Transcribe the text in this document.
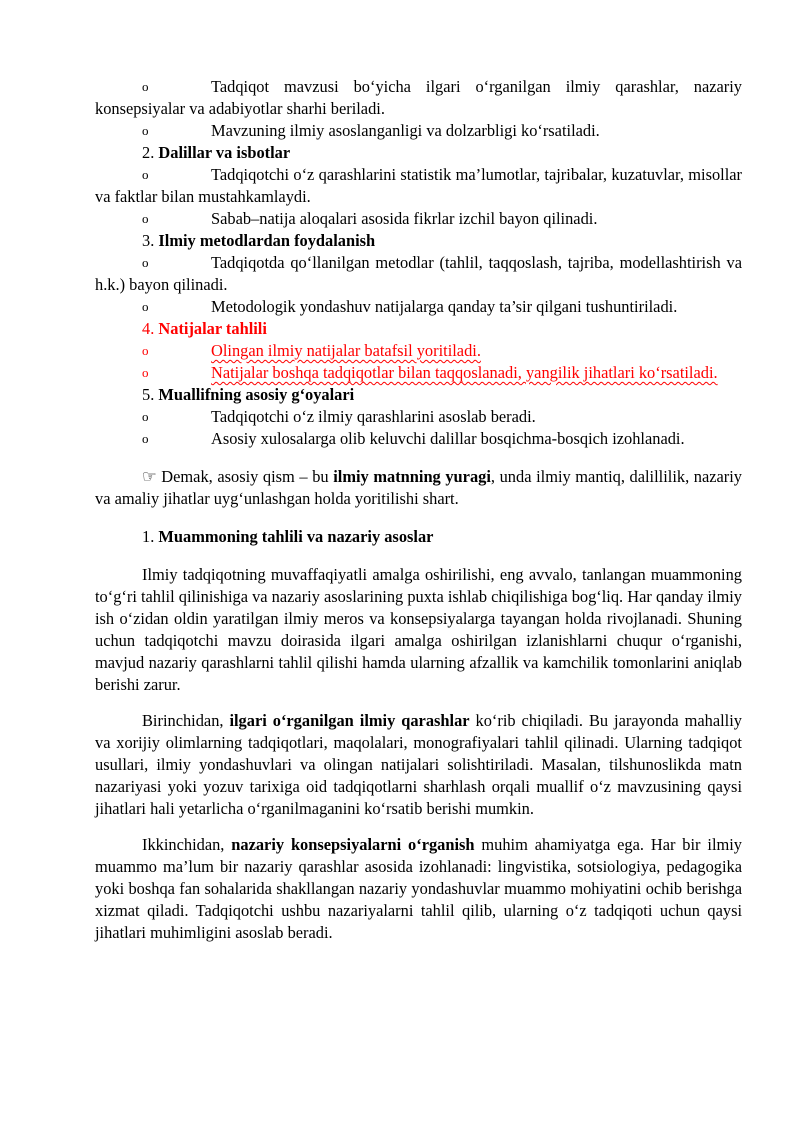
o	Tadqiqot mavzusi bo‘yicha ilgari o‘rganilgan ilmiy qarashlar, nazariy konsepsiyalar va adabiyotlar sharhi beriladi.

o	Mavzuning ilmiy asoslanganligi va dolzarbligi ko‘rsatiladi.

2. Dalillar va isbotlar

o	Tadqiqotchi o‘z qarashlarini statistik ma’lumotlar, tajribalar, kuzatuvlar, misollar va faktlar bilan mustahkamlaydi.

o	Sabab–natija aloqalari asosida fikrlar izchil bayon qilinadi.

3. Ilmiy metodlardan foydalanish

o	Tadqiqotda qo‘llanilgan metodlar (tahlil, taqqoslash, tajriba, modellashtirish va h.k.) bayon qilinadi.

o	Metodologik yondashuv natijalarga qanday ta’sir qilgani tushuntiriladi.

4. Natijalar tahlili

o	Olingan ilmiy natijalar batafsil yoritiladi.

o	Natijalar boshqa tadqiqotlar bilan taqqoslanadi, yangilik jihatlari ko‘rsatiladi.

5. Muallifning asosiy g‘oyalari

o	Tadqiqotchi o‘z ilmiy qarashlarini asoslab beradi.

o	Asosiy xulosalarga olib keluvchi dalillar bosqichma-bosqich izohlanadi.

☞ Demak, asosiy qism – bu ilmiy matnning yuragi, unda ilmiy mantiq, dalillilik, nazariy va amaliy jihatlar uyg‘unlashgan holda yoritilishi shart.

1. Muammoning tahlili va nazariy asoslar

Ilmiy tadqiqotning muvaffaqiyatli amalga oshirilishi, eng avvalo, tanlangan muammoning to‘g‘ri tahlil qilinishiga va nazariy asoslarining puxta ishlab chiqilishiga bog‘liq. Har qanday ilmiy ish o‘zidan oldin yaratilgan ilmiy meros va konsepsiyalarga tayangan holda rivojlanadi. Shuning uchun tadqiqotchi mavzu doirasida ilgari amalga oshirilgan izlanishlarni chuqur o‘rganishi, mavjud nazariy qarashlarni tahlil qilishi hamda ularning afzallik va kamchilik tomonlarini aniqlab berishi zarur.

Birinchidan, ilgari o‘rganilgan ilmiy qarashlar ko‘rib chiqiladi. Bu jarayonda mahalliy va xorijiy olimlarning tadqiqotlari, maqolalari, monografiyalari tahlil qilinadi. Ularning tadqiqot usullari, ilmiy yondashuvlari va olingan natijalari solishtiriladi. Masalan, tilshunoslikda matn nazariyasi yoki yozuv tarixiga oid tadqiqotlarni sharhlash orqali muallif o‘z mavzusining qaysi jihatlari hali yetarlicha o‘rganilmaganini ko‘rsatib berishi mumkin.

Ikkinchidan, nazariy konsepsiyalarni o‘rganish muhim ahamiyatga ega. Har bir ilmiy muammo ma’lum bir nazariy qarashlar asosida izohlanadi: lingvistika, sotsiologiya, pedagogika yoki boshqa fan sohalarida shakllangan nazariy yondashuvlar muammo mohiyatini ochib berishga xizmat qiladi. Tadqiqotchi ushbu nazariyalarni tahlil qilib, ularning o‘z tadqiqoti uchun qaysi jihatlari muhimligini asoslab beradi.
